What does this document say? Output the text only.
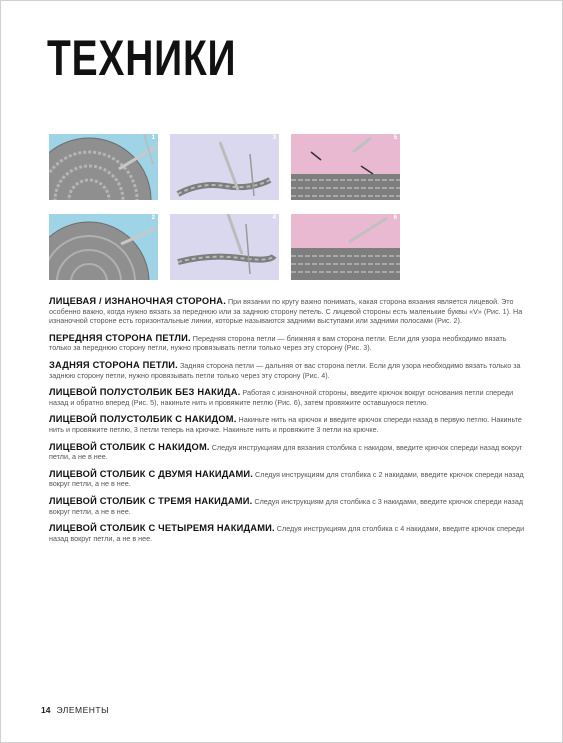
ТЕХНИКИ
1
2
3
4
5
6

ЛИЦЕВАЯ / ИЗНАНОЧНАЯ СТОРОНА. При вязании по кругу важно понимать, какая сторона вязания является лицевой. Это особенно важно, когда нужно вязать за переднюю или за заднюю сторону петель. С лицевой стороны есть маленькие буквы «V» (Рис. 1). На изнаночной стороне есть горизонтальные линии, которые называются задними выступами или задними полосами (Рис. 2).

ПЕРЕДНЯЯ СТОРОНА ПЕТЛИ. Передняя сторона петли — ближняя к вам сторона петли. Если для узора необходимо вязать только за переднюю сторону петли, нужно провязывать петли только через эту сторону (Рис. 3).

ЗАДНЯЯ СТОРОНА ПЕТЛИ. Задняя сторона петли — дальняя от вас сторона петли. Если для узора необходимо вязать только за заднюю сторону петли, нужно провязывать петли только через эту сторону (Рис. 4).

ЛИЦЕВОЙ ПОЛУСТОЛБИК БЕЗ НАКИДА. Работая с изнаночной стороны, введите крючок вокруг основания петли спереди назад и обратно вперед (Рис. 5), накиньте нить и провяжите петлю (Рис. 6), затем провяжите оставшуюся петлю.

ЛИЦЕВОЙ ПОЛУСТОЛБИК С НАКИДОМ. Накиньте нить на крючок и введите крючок спереди назад в первую петлю. Накиньте нить и провяжите петлю, 3 петли теперь на крючке. Накиньте нить и провяжите 3 петли на крючке.

ЛИЦЕВОЙ СТОЛБИК С НАКИДОМ. Следуя инструкциям для вязания столбика с накидом, введите крючок спереди назад вокруг петли, а не в нее.

ЛИЦЕВОЙ СТОЛБИК С ДВУМЯ НАКИДАМИ. Следуя инструкциям для столбика с 2 накидами, введите крючок спереди назад вокруг петли, а не в нее.

ЛИЦЕВОЙ СТОЛБИК С ТРЕМЯ НАКИДАМИ. Следуя инструкциям для столбика с 3 накидами, введите крючок спереди назад вокруг петли, а не в нее.

ЛИЦЕВОЙ СТОЛБИК С ЧЕТЫРЕМЯ НАКИДАМИ. Следуя инструкциям для столбика с 4 накидами, введите крючок спереди назад вокруг петли, а не в нее.

14 ЭЛЕМЕНТЫ
